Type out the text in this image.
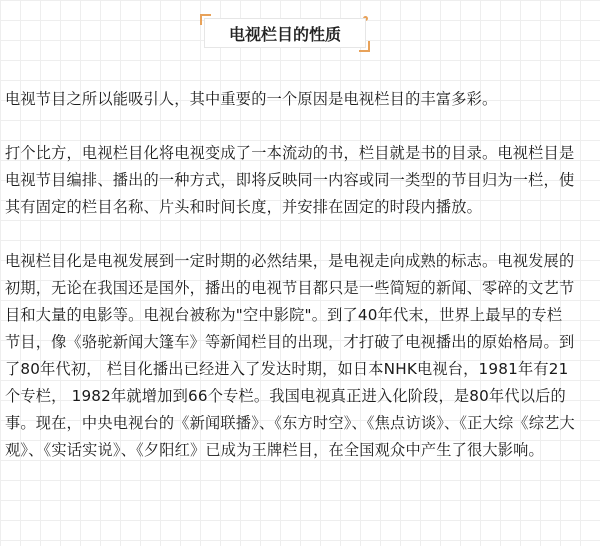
电视栏目的性质

电视节目之所以能吸引人，其中重要的一个原因是电视栏目的丰富多彩。

打个比方，电视栏目化将电视变成了一本流动的书，栏目就是书的目录。电视栏目是电视节目编排、播出的一种方式，即将反映同一内容或同一类型的节目归为一栏，使其有固定的栏目名称、片头和时间长度，并安排在固定的时段内播放。

电视栏目化是电视发展到一定时期的必然结果，是电视走向成熟的标志。电视发展的初期，无论在我国还是国外，播出的电视节目都只是一些简短的新闻、零碎的文艺节目和大量的电影等。电视台被称为"空中影院"。到了40年代末，世界上最早的专栏节目，像《骆驼新闻大篷车》等新闻栏目的出现，才打破了电视播出的原始格局。到了80年代初， 栏目化播出已经进入了发达时期，如日本NHK电视台，1981年有21个专栏， 1982年就增加到66个专栏。我国电视真正进入化阶段，是80年代以后的事。现在，中央电视台的《新闻联播》、《东方时空》、《焦点访谈》、《正大综《综艺大观》、《实话实说》、《夕阳红》已成为王牌栏目，在全国观众中产生了很大影响。
